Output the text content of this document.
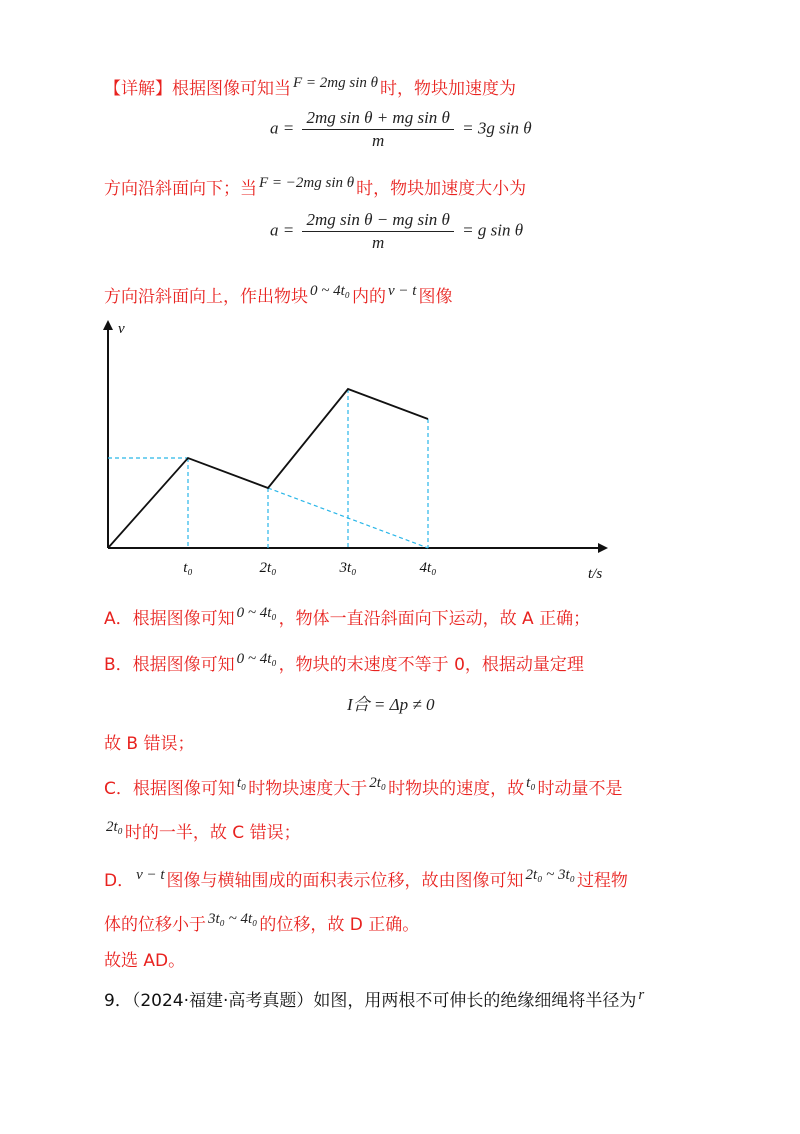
【详解】根据图像可知当 F = 2mg sin θ 时，物块加速度为
$a = \frac{\text{2mg sin θ + mg sin θ}}{m} = 3g$ sin θ
方向沿斜面向下；当 F = −2mg sin θ 时，物块加速度大小为
$a = \frac{\text{2mg sin θ − mg sin θ}}{m} = g$ sin θ
方向沿斜面向上，作出物块 0 ~ 4t₀ 内的 v − t 图像
v
t/s
t₀	2t₀	3t₀	4t₀
A．根据图像可知 0 ~ 4t₀ ，物体一直沿斜面向下运动，故 A 正确；
B．根据图像可知 0 ~ 4t₀ ，物块的末速度不等于 0，根据动量定理
I合 = Δp ≠ 0
故 B 错误；
C．根据图像可知 t₀ 时物块速度大于 2t₀ 时物块的速度，故 t₀ 时动量不是
2t₀ 时的一半，故 C 错误；
D． v − t 图像与横轴围成的面积表示位移，故由图像可知 2t₀ ~ 3t₀ 过程物
体的位移小于 3t₀ ~ 4t₀ 的位移，故 D 正确。
故选 AD。
9．（2024·福建·高考真题）如图，用两根不可伸长的绝缘细绳将半径为 r
